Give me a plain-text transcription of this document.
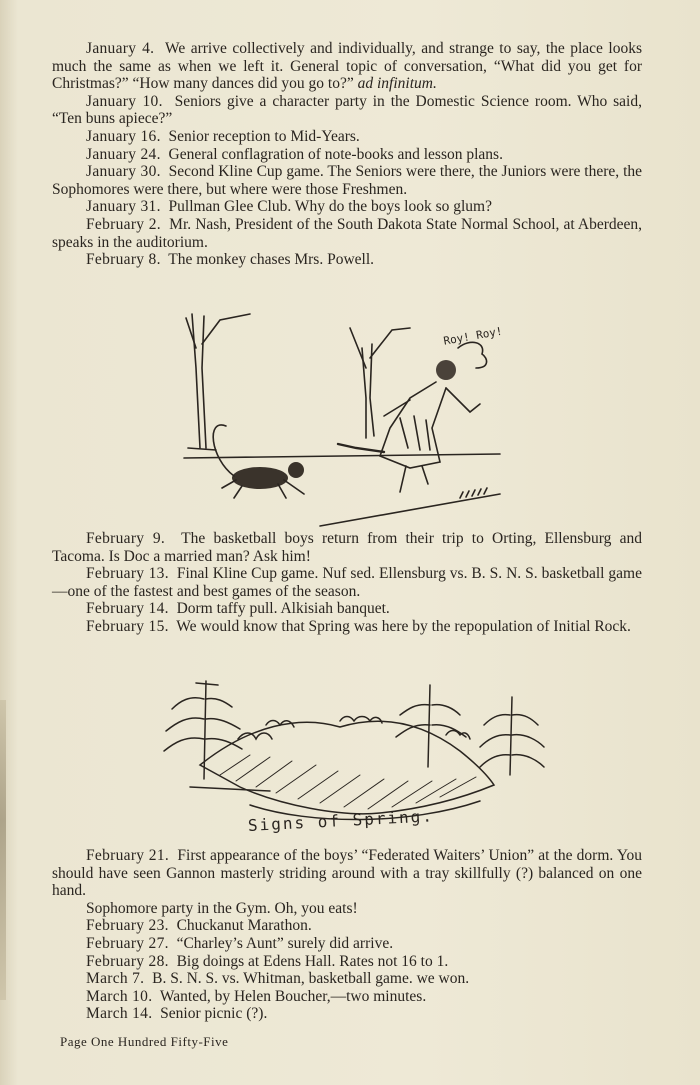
January 4. We arrive collectively and individually, and strange to say, the place looks much the same as when we left it. General topic of conversation, “What did you get for Christmas?” “How many dances did you go to?” ad infinitum.

January 10. Seniors give a character party in the Domestic Science room. Who said, “Ten buns apiece?”

January 16. Senior reception to Mid-Years.

January 24. General conflagration of note-books and lesson plans.

January 30. Second Kline Cup game. The Seniors were there, the Juniors were there, the Sophomores were there, but where were those Freshmen.

January 31. Pullman Glee Club. Why do the boys look so glum?

February 2. Mr. Nash, President of the South Dakota State Normal School, at Aberdeen, speaks in the auditorium.

February 8. The monkey chases Mrs. Powell.

Roy! Roy!

February 9. The basketball boys return from their trip to Orting, Ellensburg and Tacoma. Is Doc a married man? Ask him!

February 13. Final Kline Cup game. Nuf sed. Ellensburg vs. B. S. N. S. basketball game—one of the fastest and best games of the season.

February 14. Dorm taffy pull. Alkisiah banquet.

February 15. We would know that Spring was here by the repopulation of Initial Rock.

Signs of Spring.

February 21. First appearance of the boys’ “Federated Waiters’ Union” at the dorm. You should have seen Gannon masterly striding around with a tray skillfully (?) balanced on one hand.

Sophomore party in the Gym. Oh, you eats!

February 23. Chuckanut Marathon.

February 27. “Charley’s Aunt” surely did arrive.

February 28. Big doings at Edens Hall. Rates not 16 to 1.

March 7. B. S. N. S. vs. Whitman, basketball game. we won.

March 10. Wanted, by Helen Boucher,—two minutes.

March 14. Senior picnic (?).

Page One Hundred Fifty-Five
